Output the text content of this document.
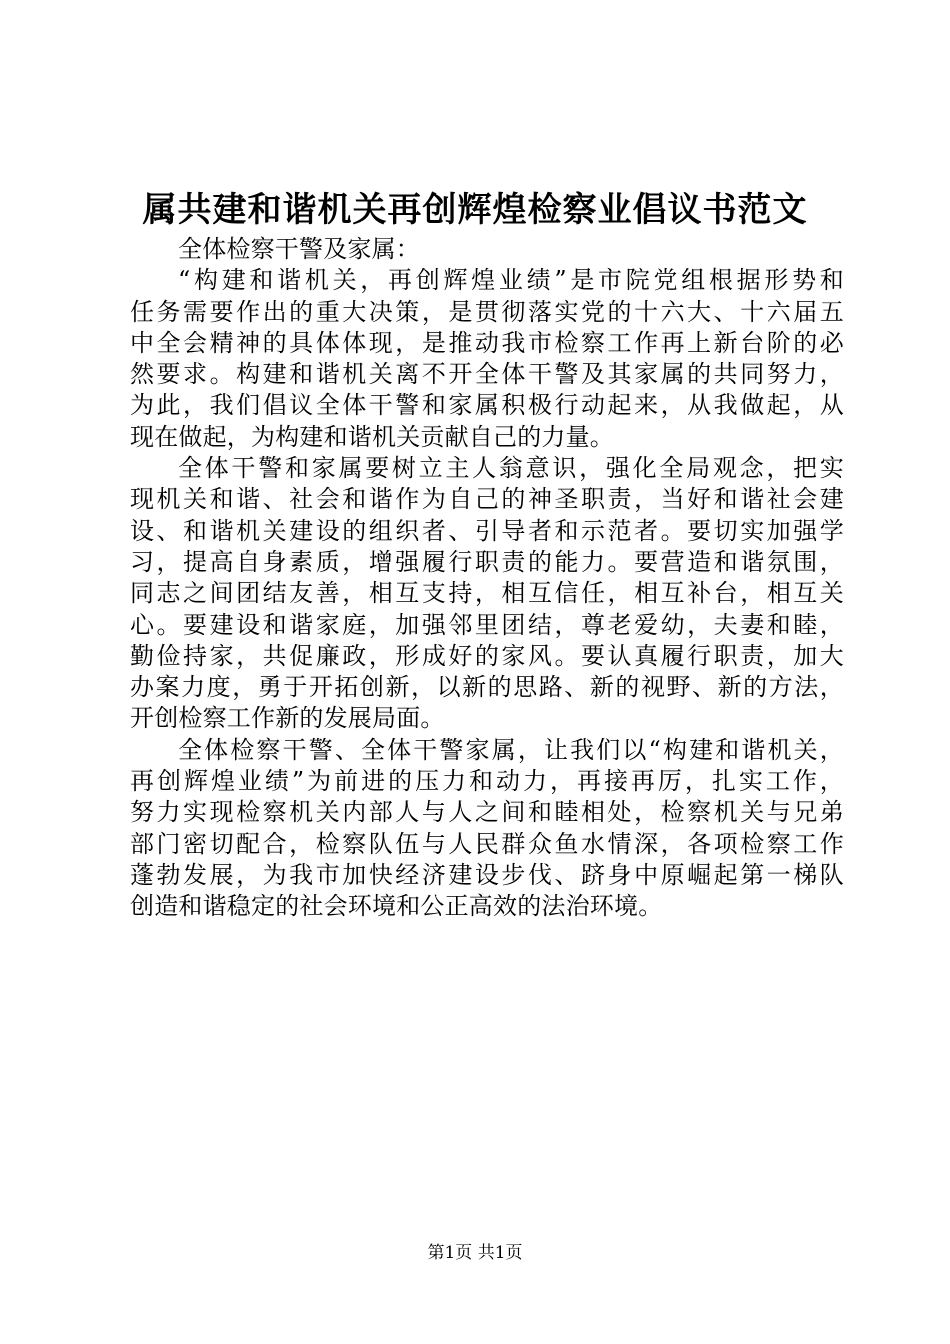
属共建和谐机关再创辉煌检察业倡议书范文
全体检察干警及家属：
“构建和谐机关，再创辉煌业绩”是市院党组根据形势和
任务需要作出的重大决策，是贯彻落实党的十六大、十六届五
中全会精神的具体体现，是推动我市检察工作再上新台阶的必
然要求。构建和谐机关离不开全体干警及其家属的共同努力，
为此，我们倡议全体干警和家属积极行动起来，从我做起，从
现在做起，为构建和谐机关贡献自己的力量。
全体干警和家属要树立主人翁意识，强化全局观念，把实
现机关和谐、社会和谐作为自己的神圣职责，当好和谐社会建
设、和谐机关建设的组织者、引导者和示范者。要切实加强学
习，提高自身素质，增强履行职责的能力。要营造和谐氛围，
同志之间团结友善，相互支持，相互信任，相互补台，相互关
心。要建设和谐家庭，加强邻里团结，尊老爱幼，夫妻和睦，
勤俭持家，共促廉政，形成好的家风。要认真履行职责，加大
办案力度，勇于开拓创新，以新的思路、新的视野、新的方法，
开创检察工作新的发展局面。
全体检察干警、全体干警家属，让我们以“构建和谐机关，
再创辉煌业绩”为前进的压力和动力，再接再厉，扎实工作，
努力实现检察机关内部人与人之间和睦相处，检察机关与兄弟
部门密切配合，检察队伍与人民群众鱼水情深，各项检察工作
蓬勃发展，为我市加快经济建设步伐、跻身中原崛起第一梯队
创造和谐稳定的社会环境和公正高效的法治环境。
第1页 共1页
